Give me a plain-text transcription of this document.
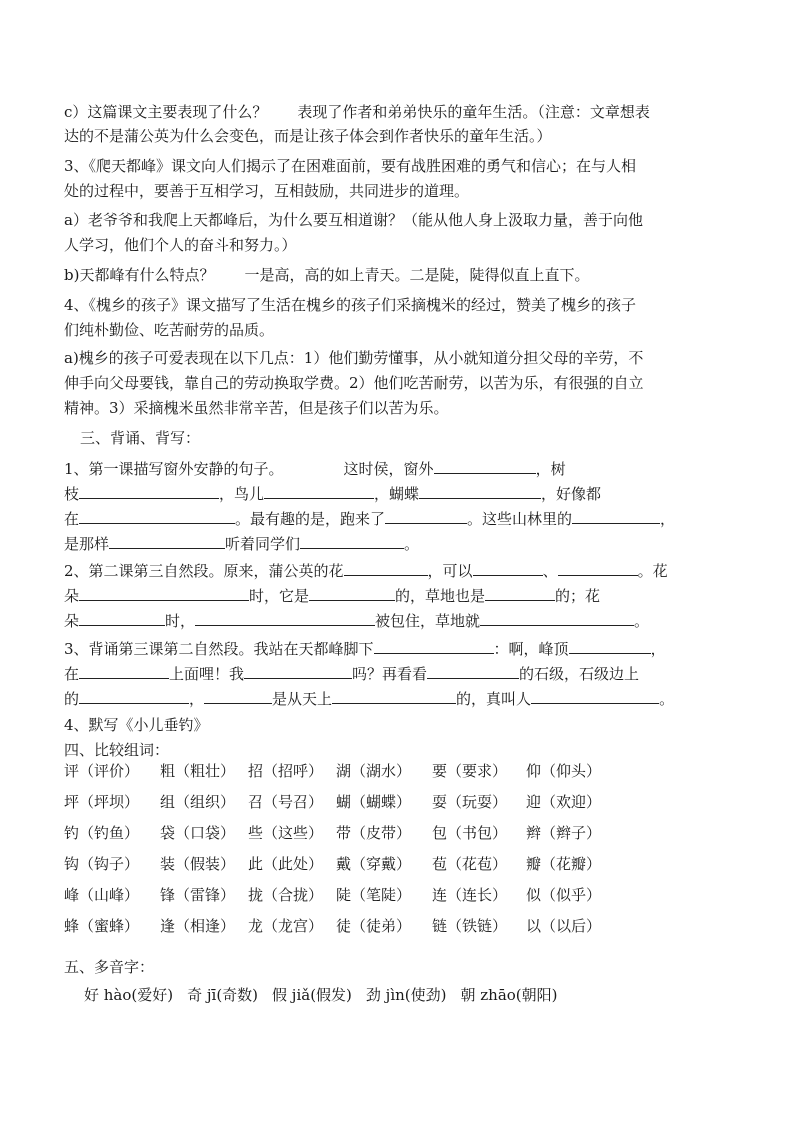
c）这篇课文主要表现了什么？　　表现了作者和弟弟快乐的童年生活。（注意：文章想表
达的不是蒲公英为什么会变色，而是让孩子体会到作者快乐的童年生活。）
3、《爬天都峰》课文向人们揭示了在困难面前，要有战胜困难的勇气和信心；在与人相
处的过程中，要善于互相学习，互相鼓励，共同进步的道理。
a）老爷爷和我爬上天都峰后，为什么要互相道谢？（能从他人身上汲取力量，善于向他
人学习，他们个人的奋斗和努力。）
b)天都峰有什么特点？　　一是高，高的如上青天。二是陡，陡得似直上直下。
4、《槐乡的孩子》课文描写了生活在槐乡的孩子们采摘槐米的经过，赞美了槐乡的孩子
们纯朴勤俭、吃苦耐劳的品质。
a)槐乡的孩子可爱表现在以下几点：1）他们勤劳懂事，从小就知道分担父母的辛劳，不
伸手向父母要钱，靠自己的劳动换取学费。2）他们吃苦耐劳，以苦为乐，有很强的自立
精神。3）采摘槐米虽然非常辛苦，但是孩子们以苦为乐。
三、背诵、背写：
1、第一课描写窗外安静的句子。	这时侯，窗外	，树
枝	，鸟儿	，蝴蝶	，好像都
在	。最有趣的是，跑来了	。这些山林里的	，
是那样	听着同学们	。
2、第二课第三自然段。原来，蒲公英的花	，可以	、	。花
朵	时，它是	的，草地也是	的；花
朵	时，	被包住，草地就	。
3、背诵第三课第二自然段。我站在天都峰脚下	：啊，峰顶	，
在	上面哩！我	吗？再看看	的石级，石级边上
的	，	是从天上	的，真叫人	。
4、默写《小儿垂钓》
四、比较组词：
评（评价） 粗（粗壮） 招（招呼） 湖（湖水） 要（要求） 仰（仰头）
坪（坪坝） 组（组织） 召（号召） 蝴（蝴蝶） 耍（玩耍） 迎（欢迎）
钓（钓鱼） 袋（口袋） 些（这些） 带（皮带） 包（书包） 辫（辫子）
钩（钩子） 装（假装） 此（此处） 戴（穿戴） 苞（花苞） 瓣（花瓣）
峰（山峰） 锋（雷锋） 拢（合拢） 陡（笔陡） 连（连长） 似（似乎）
蜂（蜜蜂） 逢（相逢） 龙（龙宫） 徒（徒弟） 链（铁链） 以（以后）
五、多音字：
好 hào(爱好) 奇 jī(奇数) 假 jiǎ(假发) 劲 jìn(使劲) 朝 zhāo(朝阳)
